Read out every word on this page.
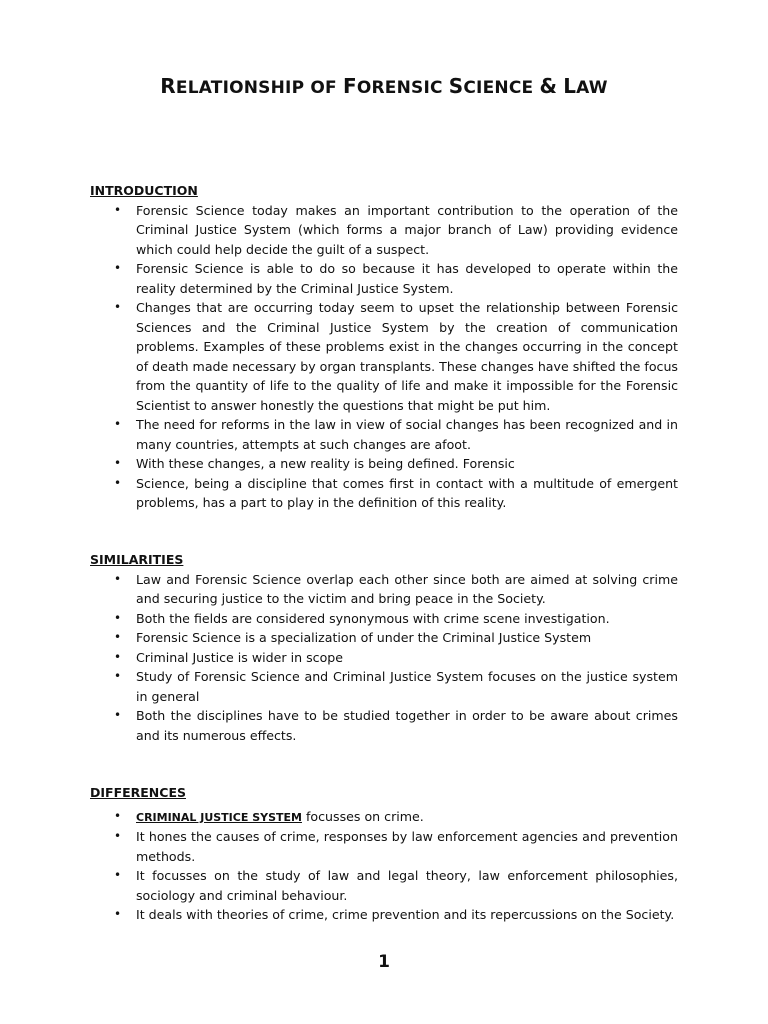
RELATIONSHIP OF FORENSIC SCIENCE & LAW

INTRODUCTION

• Forensic Science today makes an important contribution to the operation of the Criminal Justice System (which forms a major branch of Law) providing evidence which could help decide the guilt of a suspect.
• Forensic Science is able to do so because it has developed to operate within the reality determined by the Criminal Justice System.
• Changes that are occurring today seem to upset the relationship between Forensic Sciences and the Criminal Justice System by the creation of communication problems. Examples of these problems exist in the changes occurring in the concept of death made necessary by organ transplants. These changes have shifted the focus from the quantity of life to the quality of life and make it impossible for the Forensic Scientist to answer honestly the questions that might be put him.
• The need for reforms in the law in view of social changes has been recognized and in many countries, attempts at such changes are afoot.
• With these changes, a new reality is being defined. Forensic
• Science, being a discipline that comes first in contact with a multitude of emergent problems, has a part to play in the definition of this reality.

SIMILARITIES

• Law and Forensic Science overlap each other since both are aimed at solving crime and securing justice to the victim and bring peace in the Society.
• Both the fields are considered synonymous with crime scene investigation.
• Forensic Science is a specialization of under the Criminal Justice System
• Criminal Justice is wider in scope
• Study of Forensic Science and Criminal Justice System focuses on the justice system in general
• Both the disciplines have to be studied together in order to be aware about crimes and its numerous effects.

DIFFERENCES

• CRIMINAL JUSTICE SYSTEM focusses on crime.
• It hones the causes of crime, responses by law enforcement agencies and prevention methods.
• It focusses on the study of law and legal theory, law enforcement philosophies, sociology and criminal behaviour.
• It deals with theories of crime, crime prevention and its repercussions on the Society.
1
